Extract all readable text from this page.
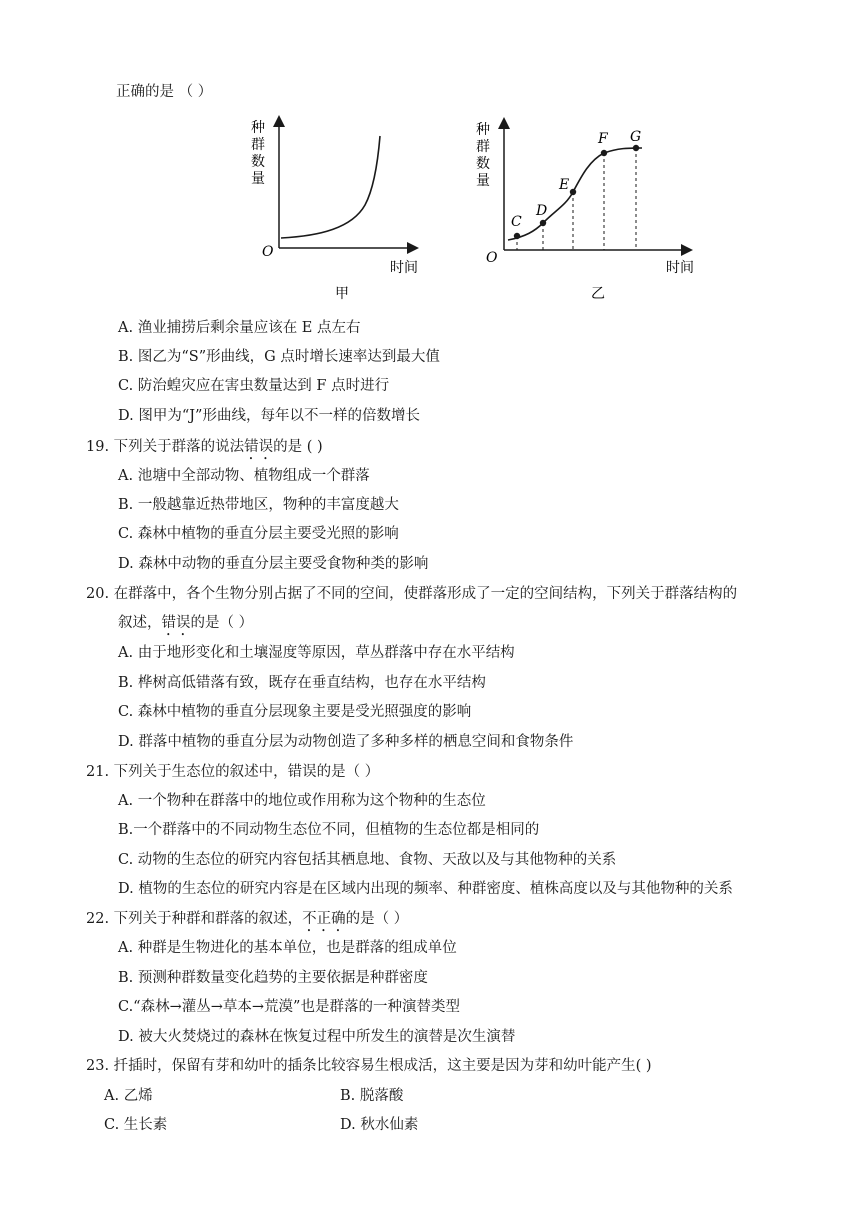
正确的是 （ ）
种
群
数
量
O
时间
甲
C
D
E
F G
种
群
数
量
O
时间
乙
A. 渔业捕捞后剩余量应该在 E 点左右
B. 图乙为“S”形曲线，G 点时增长速率达到最大值
C. 防治蝗灾应在害虫数量达到 F 点时进行
D. 图甲为“J”形曲线，每年以不一样的倍数增长
19. 下列关于群落的说法错误的是 ( )
A. 池塘中全部动物、植物组成一个群落
B. 一般越靠近热带地区，物种的丰富度越大
C. 森林中植物的垂直分层主要受光照的影响
D. 森林中动物的垂直分层主要受食物种类的影响
20. 在群落中，各个生物分别占据了不同的空间，使群落形成了一定的空间结构，下列关于群落结构的
叙述，错误的是（ ）
A. 由于地形变化和土壤湿度等原因，草丛群落中存在水平结构
B. 桦树高低错落有致，既存在垂直结构，也存在水平结构
C. 森林中植物的垂直分层现象主要是受光照强度的影响
D. 群落中植物的垂直分层为动物创造了多种多样的栖息空间和食物条件
21. 下列关于生态位的叙述中，错误的是（ ）
A. 一个物种在群落中的地位或作用称为这个物种的生态位
B.一个群落中的不同动物生态位不同，但植物的生态位都是相同的
C. 动物的生态位的研究内容包括其栖息地、食物、天敌以及与其他物种的关系
D. 植物的生态位的研究内容是在区域内出现的频率、种群密度、植株高度以及与其他物种的关系
22. 下列关于种群和群落的叙述，不正确的是（ ）
A. 种群是生物进化的基本单位，也是群落的组成单位
B. 预测种群数量变化趋势的主要依据是种群密度
C.“森林→灌丛→草本→荒漠”也是群落的一种演替类型
D. 被大火焚烧过的森林在恢复过程中所发生的演替是次生演替
23. 扦插时，保留有芽和幼叶的插条比较容易生根成活，这主要是因为芽和幼叶能产生( )
A. 乙烯	B. 脱落酸
C. 生长素	D. 秋水仙素
